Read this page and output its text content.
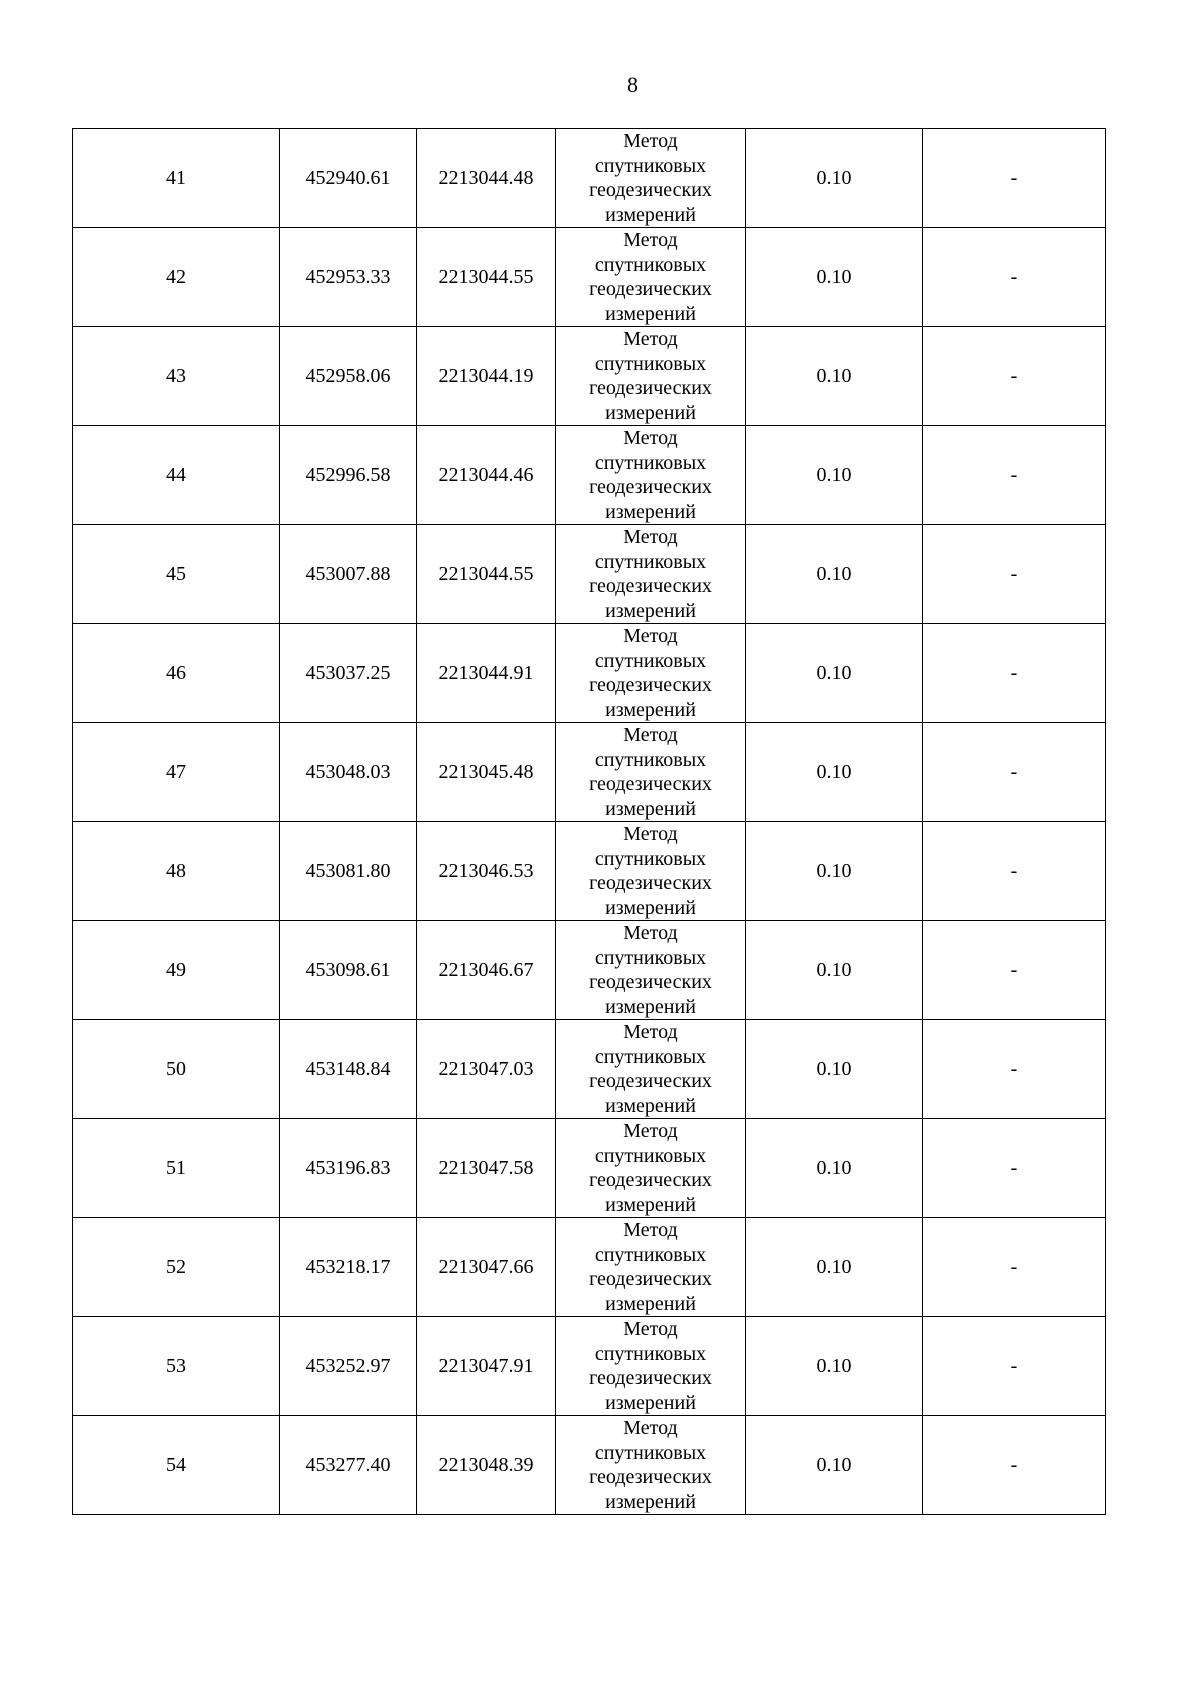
8
41	452940.61	2213044.48	Метод спутниковых геодезических измерений	0.10	-
42	452953.33	2213044.55	Метод спутниковых геодезических измерений	0.10	-
43	452958.06	2213044.19	Метод спутниковых геодезических измерений	0.10	-
44	452996.58	2213044.46	Метод спутниковых геодезических измерений	0.10	-
45	453007.88	2213044.55	Метод спутниковых геодезических измерений	0.10	-
46	453037.25	2213044.91	Метод спутниковых геодезических измерений	0.10	-
47	453048.03	2213045.48	Метод спутниковых геодезических измерений	0.10	-
48	453081.80	2213046.53	Метод спутниковых геодезических измерений	0.10	-
49	453098.61	2213046.67	Метод спутниковых геодезических измерений	0.10	-
50	453148.84	2213047.03	Метод спутниковых геодезических измерений	0.10	-
51	453196.83	2213047.58	Метод спутниковых геодезических измерений	0.10	-
52	453218.17	2213047.66	Метод спутниковых геодезических измерений	0.10	-
53	453252.97	2213047.91	Метод спутниковых геодезических измерений	0.10	-
54	453277.40	2213048.39	Метод спутниковых геодезических измерений	0.10	-
